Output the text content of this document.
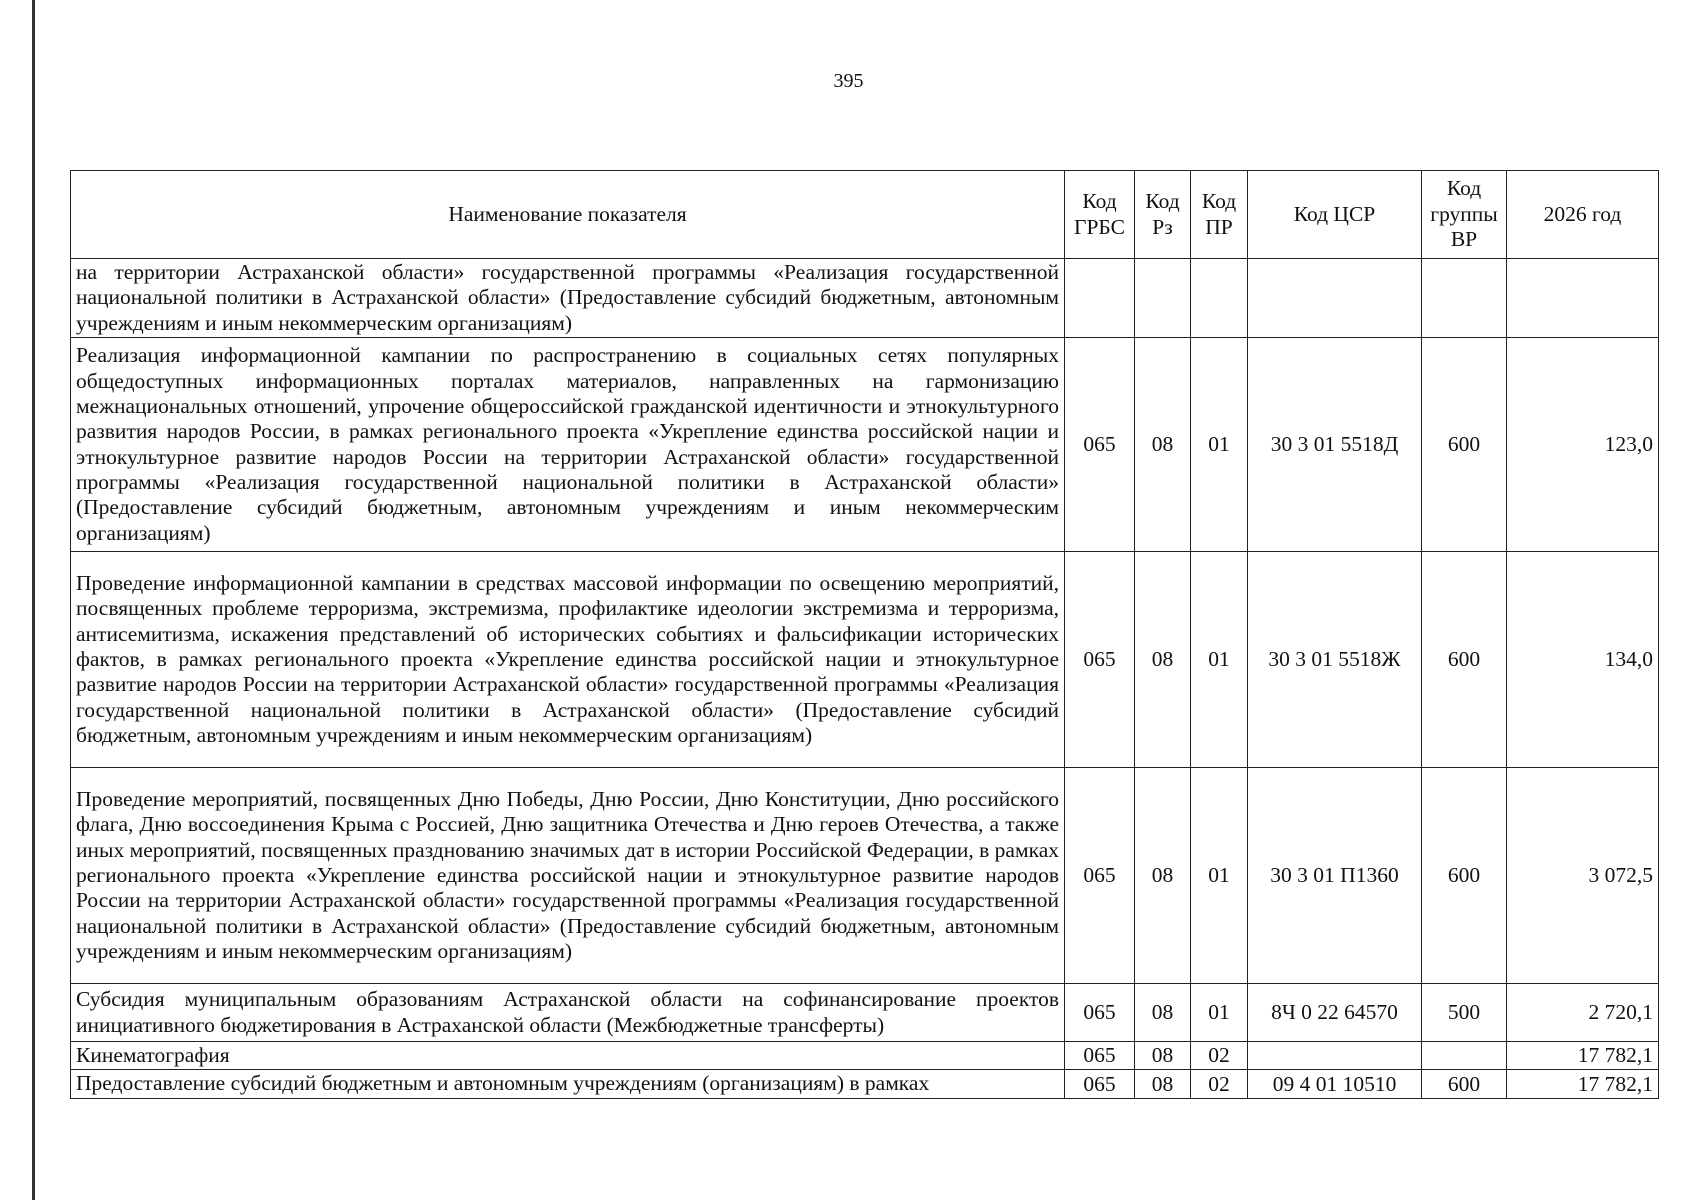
395
Наименование показателя	Код ГРБС	Код Рз	Код ПР	Код ЦСР	Код группы ВР	2026 год
на территории Астраханской области» государственной программы «Реализация государственной национальной политики в Астраханской области» (Предоставление субсидий бюджетным, автономным учреждениям и иным некоммерческим организациям)						
Реализация информационной кампании по распространению в социальных сетях популярных общедоступных информационных порталах материалов, направленных на гармонизацию межнациональных отношений, упрочение общероссийской гражданской идентичности и этнокультурного развития народов России, в рамках регионального проекта «Укрепление единства российской нации и этнокультурное развитие народов России на территории Астраханской области» государственной программы «Реализация государственной национальной политики в Астраханской области» (Предоставление субсидий бюджетным, автономным учреждениям и иным некоммерческим организациям)	065	08	01	30 3 01 5518Д	600	123,0
Проведение информационной кампании в средствах массовой информации по освещению мероприятий, посвященных проблеме терроризма, экстремизма, профилактике идеологии экстремизма и терроризма, антисемитизма, искажения представлений об исторических событиях и фальсификации исторических фактов, в рамках регионального проекта «Укрепление единства российской нации и этнокультурное развитие народов России на территории Астраханской области» государственной программы «Реализация государственной национальной политики в Астраханской области» (Предоставление субсидий бюджетным, автономным учреждениям и иным некоммерческим организациям)	065	08	01	30 3 01 5518Ж	600	134,0
Проведение мероприятий, посвященных Дню Победы, Дню России, Дню Конституции, Дню российского флага, Дню воссоединения Крыма с Россией, Дню защитника Отечества и Дню героев Отечества, а также иных мероприятий, посвященных празднованию значимых дат в истории Российской Федерации, в рамках регионального проекта «Укрепление единства российской нации и этнокультурное развитие народов России на территории Астраханской области» государственной программы «Реализация государственной национальной политики в Астраханской области» (Предоставление субсидий бюджетным, автономным учреждениям и иным некоммерческим организациям)	065	08	01	30 3 01 П1360	600	3 072,5
Субсидия муниципальным образованиям Астраханской области на софинансирование проектов инициативного бюджетирования в Астраханской области (Межбюджетные трансферты)	065	08	01	8Ч 0 22 64570	500	2 720,1
Кинематография	065	08	02			17 782,1
Предоставление субсидий бюджетным и автономным учреждениям (организациям) в рамках	065	08	02	09 4 01 10510	600	17 782,1
